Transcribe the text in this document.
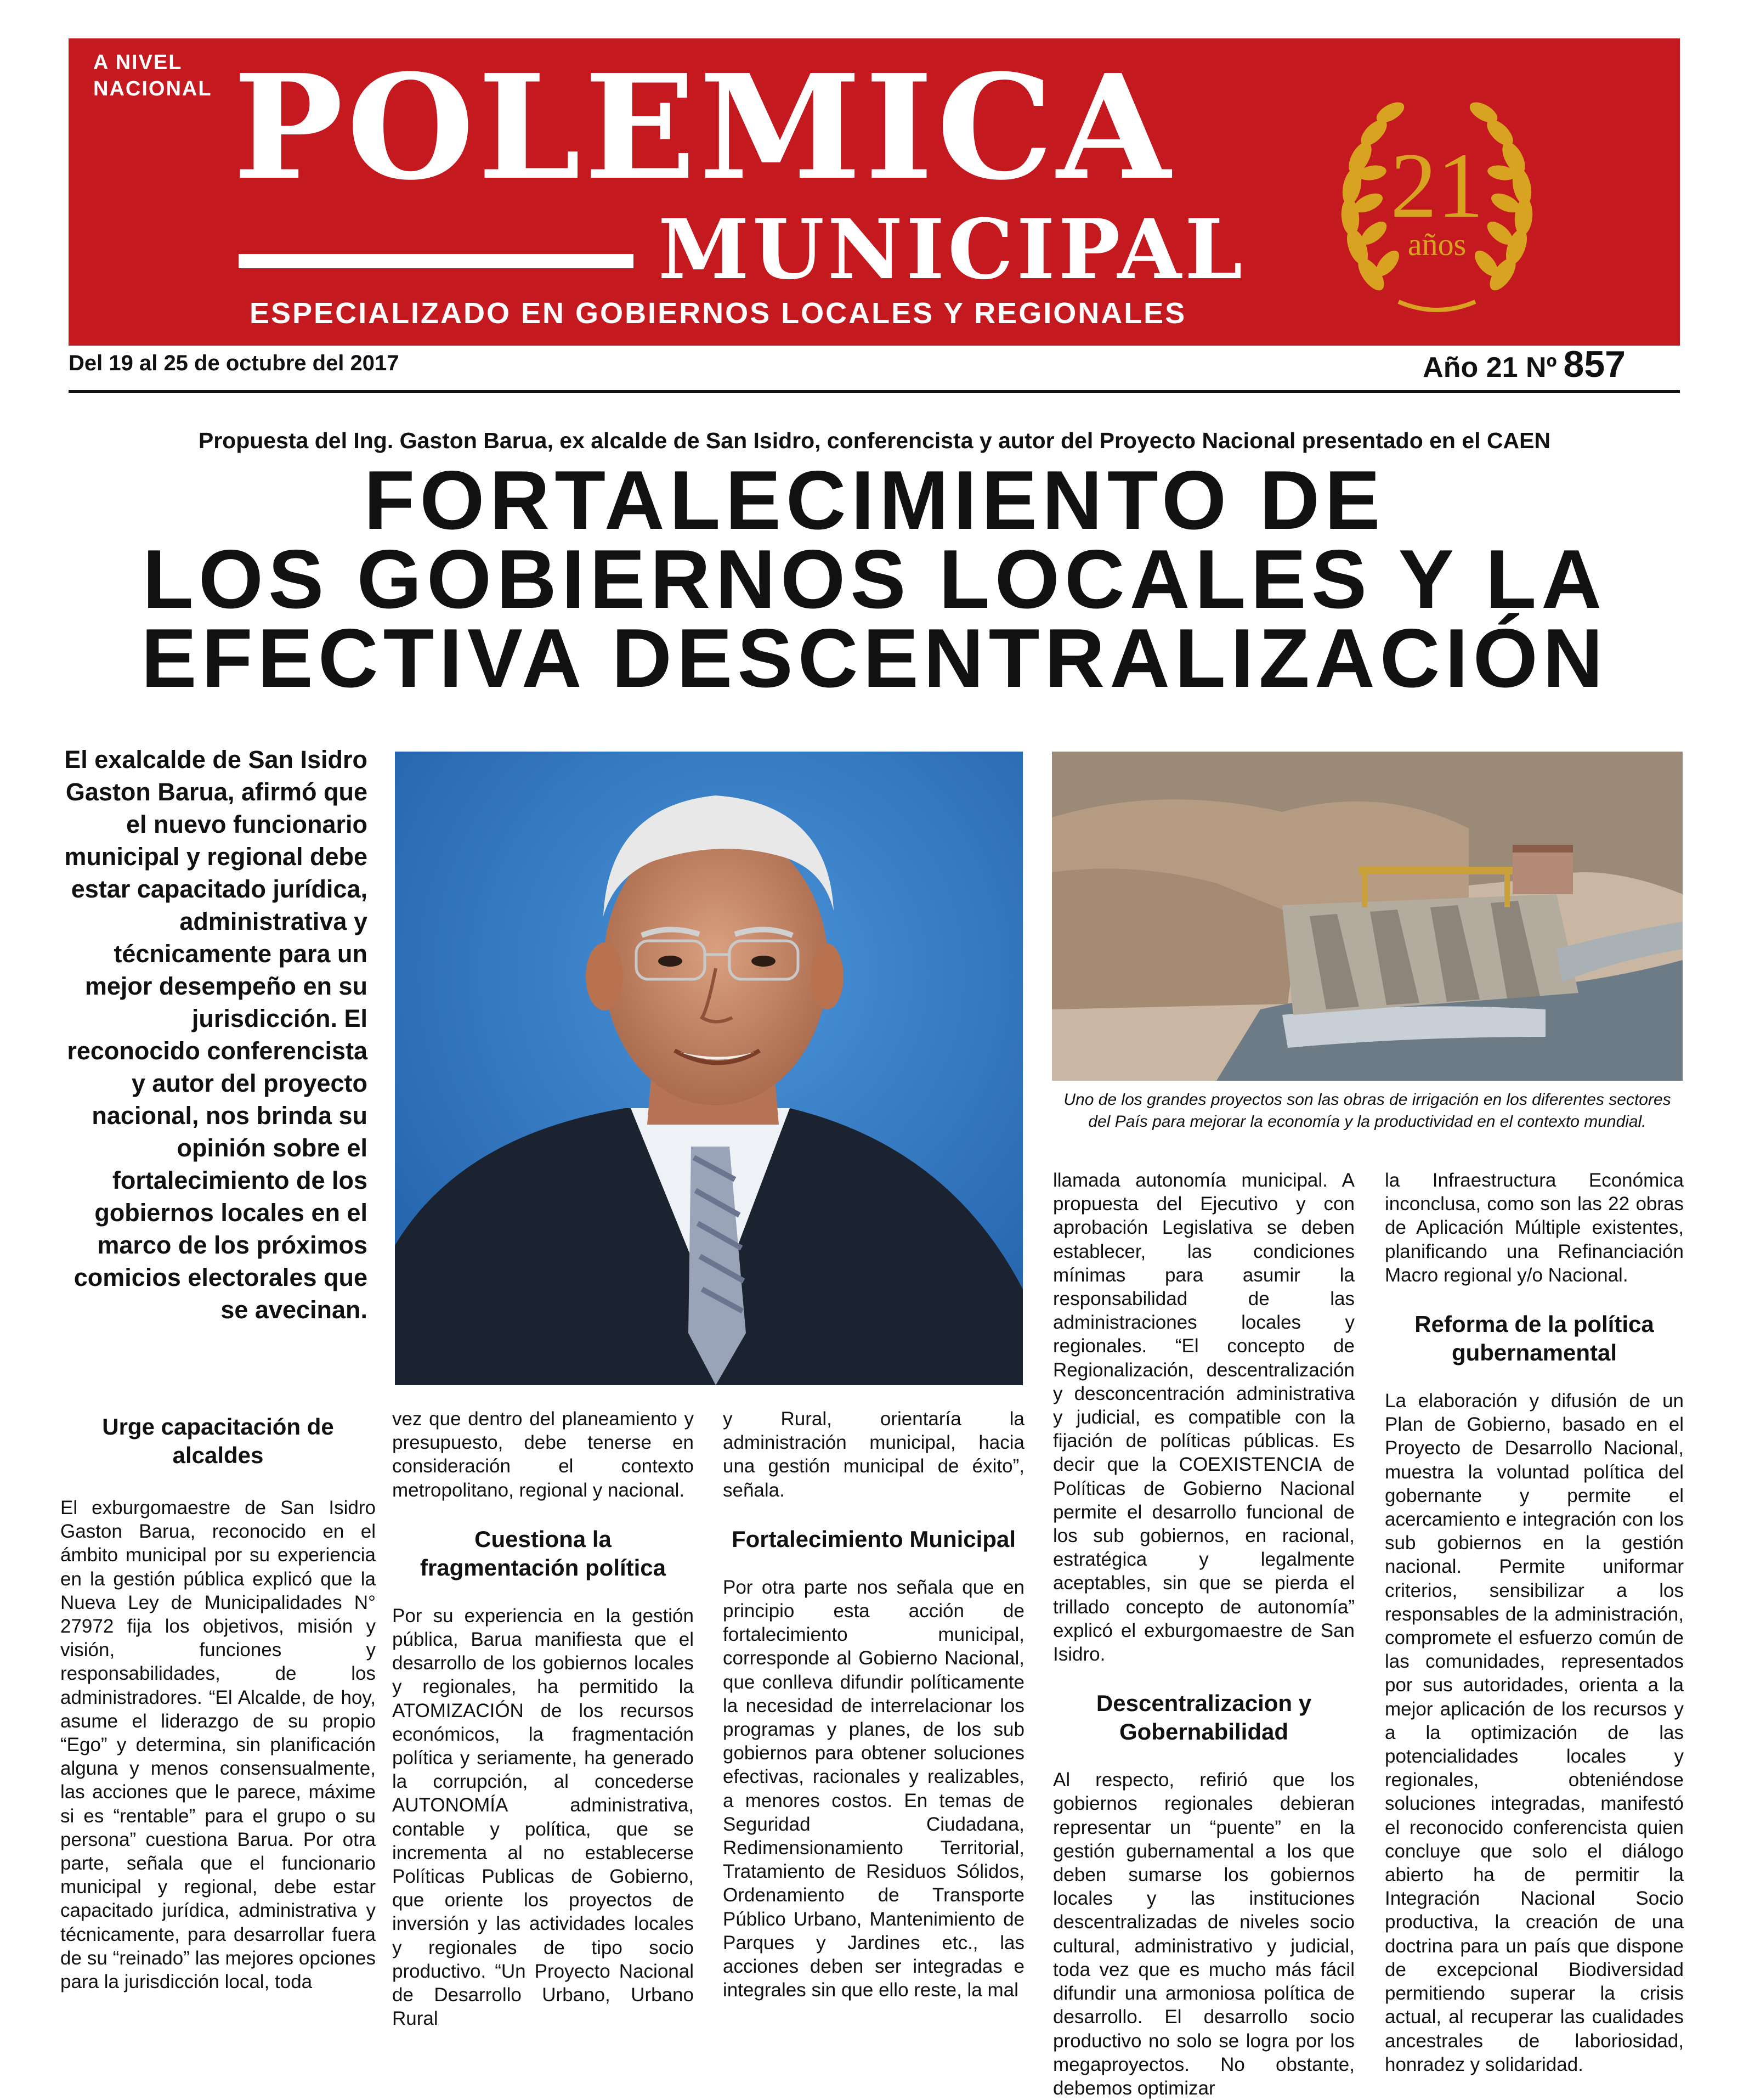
A NIVEL
NACIONAL POLEMICA
MUNICIPAL
ESPECIALIZADO EN GOBIERNOS LOCALES Y REGIONALES
21
años
Del 19 al 25 de octubre del 2017	Año 21 Nº 857
Propuesta del Ing. Gaston Barua, ex alcalde de San Isidro, conferencista y autor del Proyecto Nacional presentado en el CAEN
FORTALECIMIENTO DE
LOS GOBIERNOS LOCALES Y LA
EFECTIVA DESCENTRALIZACIÓN
El exalcalde de San Isidro Gaston Barua, afirmó que el nuevo funcionario municipal y regional debe estar capacitado jurídica, administrativa y técnicamente para un mejor desempeño en su jurisdicción. El reconocido conferencista y autor del proyecto nacional, nos brinda su opinión sobre el fortalecimiento de los gobiernos locales en el marco de los próximos comicios electorales que se avecinan.
Uno de los grandes proyectos son las obras de irrigación en los diferentes sectores del País para mejorar la economía y la productividad en el contexto mundial.
Urge capacitación de alcaldes

El exburgomaestre de San Isidro Gaston Barua, reconocido en el ámbito municipal por su experiencia en la gestión pública explicó que la Nueva Ley de Municipalidades N° 27972 fija los objetivos, misión y visión, funciones y responsabilidades, de los administradores. “El Alcalde, de hoy, asume el liderazgo de su propio “Ego” y determina, sin planificación alguna y menos consensualmente, las acciones que le parece, máxime si es “rentable” para el grupo o su persona” cuestiona Barua. Por otra parte, señala que el funcionario municipal y regional, debe estar capacitado jurídica, administrativa y técnicamente, para desarrollar fuera de su “reinado” las mejores opciones para la jurisdicción local, toda

vez que dentro del planeamiento y presupuesto, debe tenerse en consideración el contexto metropolitano, regional y nacional.

Cuestiona la fragmentación política

Por su experiencia en la gestión pública, Barua manifiesta que el desarrollo de los gobiernos locales y regionales, ha permitido la ATOMIZACIÓN de los recursos económicos, la fragmentación política y seriamente, ha generado la corrupción, al concederse AUTONOMÍA administrativa, contable y política, que se incrementa al no establecerse Políticas Publicas de Gobierno, que oriente los proyectos de inversión y las actividades locales y regionales de tipo socio productivo. “Un Proyecto Nacional de Desarrollo Urbano, Urbano Rural

y Rural, orientaría la administración municipal, hacia una gestión municipal de éxito”, señala.

Fortalecimiento Municipal

Por otra parte nos señala que en principio esta acción de fortalecimiento municipal, corresponde al Gobierno Nacional, que conlleva difundir políticamente la necesidad de interrelacionar los programas y planes, de los sub gobiernos para obtener soluciones efectivas, racionales y realizables, a menores costos. En temas de Seguridad Ciudadana, Redimensionamiento Territorial, Tratamiento de Residuos Sólidos, Ordenamiento de Transporte Público Urbano, Mantenimiento de Parques y Jardines etc., las acciones deben ser integradas e integrales sin que ello reste, la mal

llamada autonomía municipal. A propuesta del Ejecutivo y con aprobación Legislativa se deben establecer, las condiciones mínimas para asumir la responsabilidad de las administraciones locales y regionales. “El concepto de Regionalización, descentralización y desconcentración administrativa y judicial, es compatible con la fijación de políticas públicas. Es decir que la COEXISTENCIA de Políticas de Gobierno Nacional permite el desarrollo funcional de los sub gobiernos, en racional, estratégica y legalmente aceptables, sin que se pierda el trillado concepto de autonomía” explicó el exburgomaestre de San Isidro.

Descentralizacion y Gobernabilidad

Al respecto, refirió que los gobiernos regionales debieran representar un “puente” en la gestión gubernamental a los que deben sumarse los gobiernos locales y las instituciones descentralizadas de niveles socio cultural, administrativo y judicial, toda vez que es mucho más fácil difundir una armoniosa política de desarrollo. El desarrollo socio productivo no solo se logra por los megaproyectos. No obstante, debemos optimizar

la Infraestructura Económica inconclusa, como son las 22 obras de Aplicación Múltiple existentes, planificando una Refinanciación Macro regional y/o Nacional.

Reforma de la política gubernamental

La elaboración y difusión de un Plan de Gobierno, basado en el Proyecto de Desarrollo Nacional, muestra la voluntad política del gobernante y permite el acercamiento e integración con los sub gobiernos en la gestión nacional. Permite uniformar criterios, sensibilizar a los responsables de la administración, compromete el esfuerzo común de las comunidades, representados por sus autoridades, orienta a la mejor aplicación de los recursos y a la optimización de las potencialidades locales y regionales, obteniéndose soluciones integradas, manifestó el reconocido conferencista quien concluye que solo el diálogo abierto ha de permitir la Integración Nacional Socio productiva, la creación de una doctrina para un país que dispone de excepcional Biodiversidad permitiendo superar la crisis actual, al recuperar las cualidades ancestrales de laboriosidad, honradez y solidaridad.
